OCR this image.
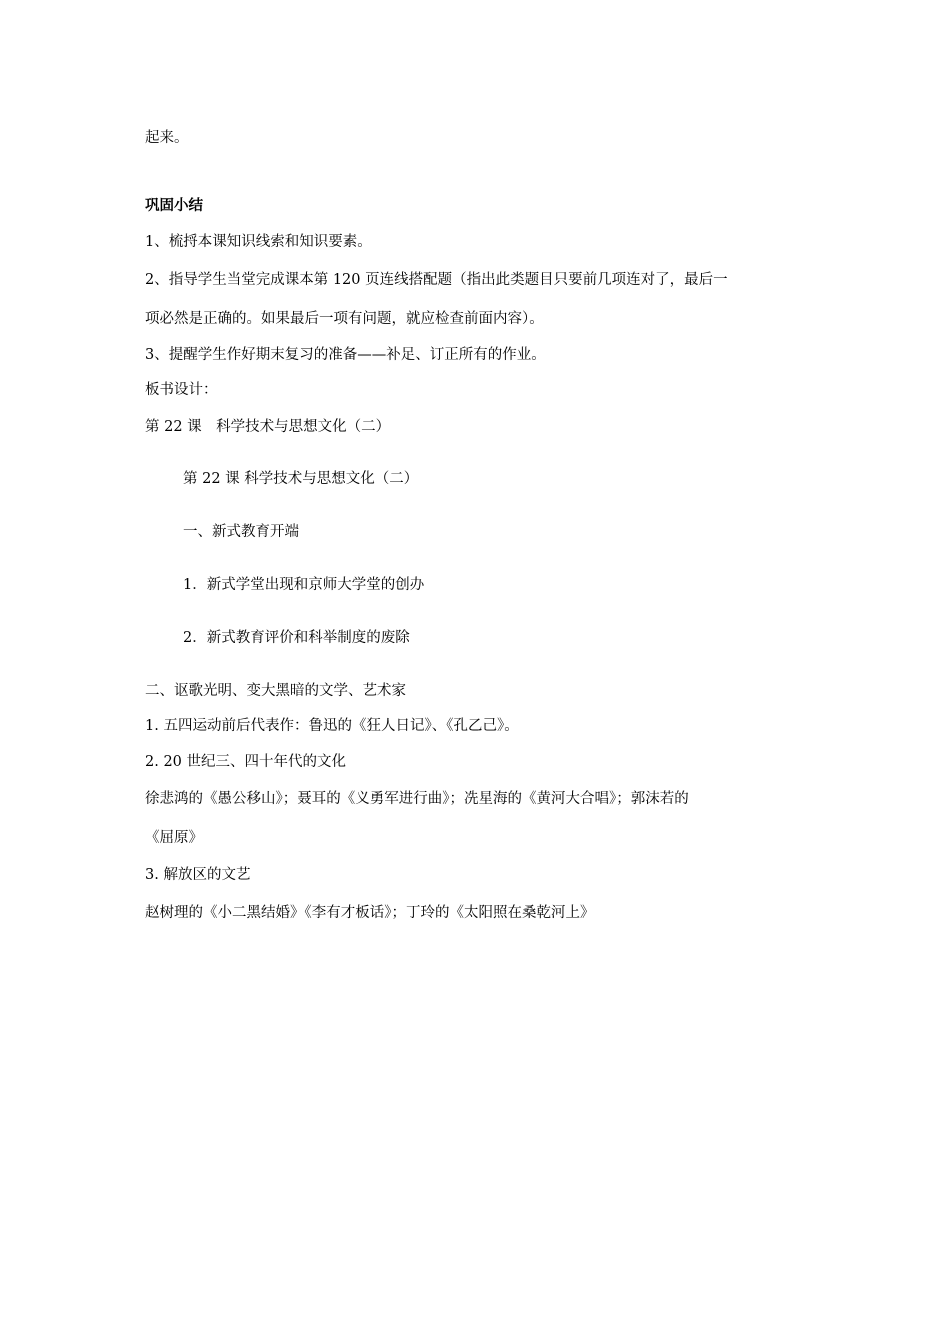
起来。
巩固小结
1、梳捋本课知识线索和知识要素。
2、指导学生当堂完成课本第 120 页连线搭配题（指出此类题目只要前几项连对了，最后一
项必然是正确的。如果最后一项有问题，就应检查前面内容）。
3、提醒学生作好期末复习的准备——补足、订正所有的作业。
板书设计：
第 22 课　科学技术与思想文化（二）
第 22 课 科学技术与思想文化（二）
一、新式教育开端
1．新式学堂出现和京师大学堂的创办
2．新式教育评价和科举制度的废除
二、讴歌光明、变大黑暗的文学、艺术家
1. 五四运动前后代表作：鲁迅的《狂人日记》、《孔乙己》。
2. 20 世纪三、四十年代的文化
徐悲鸿的《愚公移山》；聂耳的《义勇军进行曲》；冼星海的《黄河大合唱》；郭沫若的
《屈原》
3. 解放区的文艺
赵树理的《小二黑结婚》《李有才板话》；丁玲的《太阳照在桑乾河上》
